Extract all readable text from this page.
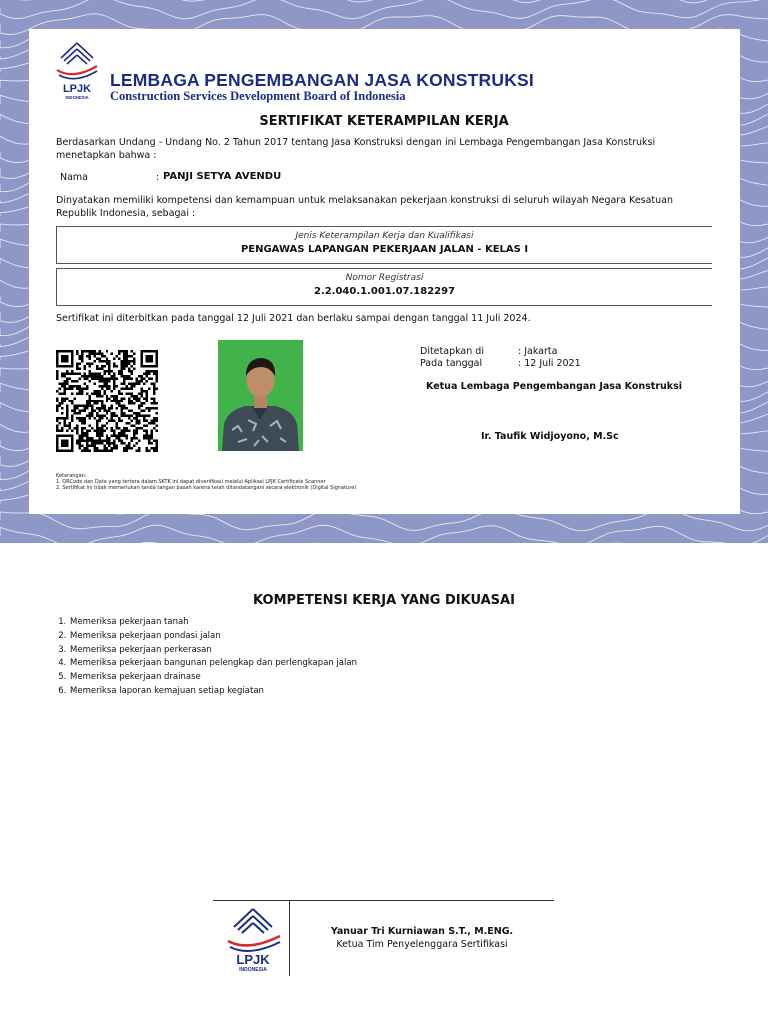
LPJK
INDONESIA
LEMBAGA PENGEMBANGAN JASA KONSTRUKSI
Construction Services Development Board of Indonesia
SERTIFIKAT KETERAMPILAN KERJA
Berdasarkan Undang - Undang No. 2 Tahun 2017 tentang Jasa Konstruksi dengan ini Lembaga Pengembangan Jasa Konstruksi menetapkan bahwa :
Nama	: PANJI SETYA AVENDU
Dinyatakan memiliki kompetensi dan kemampuan untuk melaksanakan pekerjaan konstruksi di seluruh wilayah Negara Kesatuan Republik Indonesia, sebagai :
Jenis Keterampilan Kerja dan Kualifikasi
PENGAWAS LAPANGAN PEKERJAAN JALAN - KELAS I
Nomor Registrasi
2.2.040.1.001.07.182297
Sertifikat ini diterbitkan pada tanggal 12 Juli 2021 dan berlaku sampai dengan tanggal 11 Juli 2024.
Ditetapkan di	: Jakarta
Pada tanggal	: 12 Juli 2021
Ketua Lembaga Pengembangan Jasa Konstruksi
Ir. Taufik Widjoyono, M.Sc
Keterangan:
1. QRCode dan Data yang tertera dalam SKTK ini dapat diverifikasi melalui Aplikasi LPJK Certificate Scanner
2. Sertifikat ini tidak memerlukan tanda tangan basah karena telah ditandatangani secara elektronik (Digital Signature)
KOMPETENSI KERJA YANG DIKUASAI
1. Memeriksa pekerjaan tanah
2. Memeriksa pekerjaan pondasi jalan
3. Memeriksa pekerjaan perkerasan
4. Memeriksa pekerjaan bangunan pelengkap dan perlengkapan jalan
5. Memeriksa pekerjaan drainase
6. Memeriksa laporan kemajuan setiap kegiatan
LPJK
INDONESIA
Yanuar Tri Kurniawan S.T., M.ENG.
Ketua Tim Penyelenggara Sertifikasi
